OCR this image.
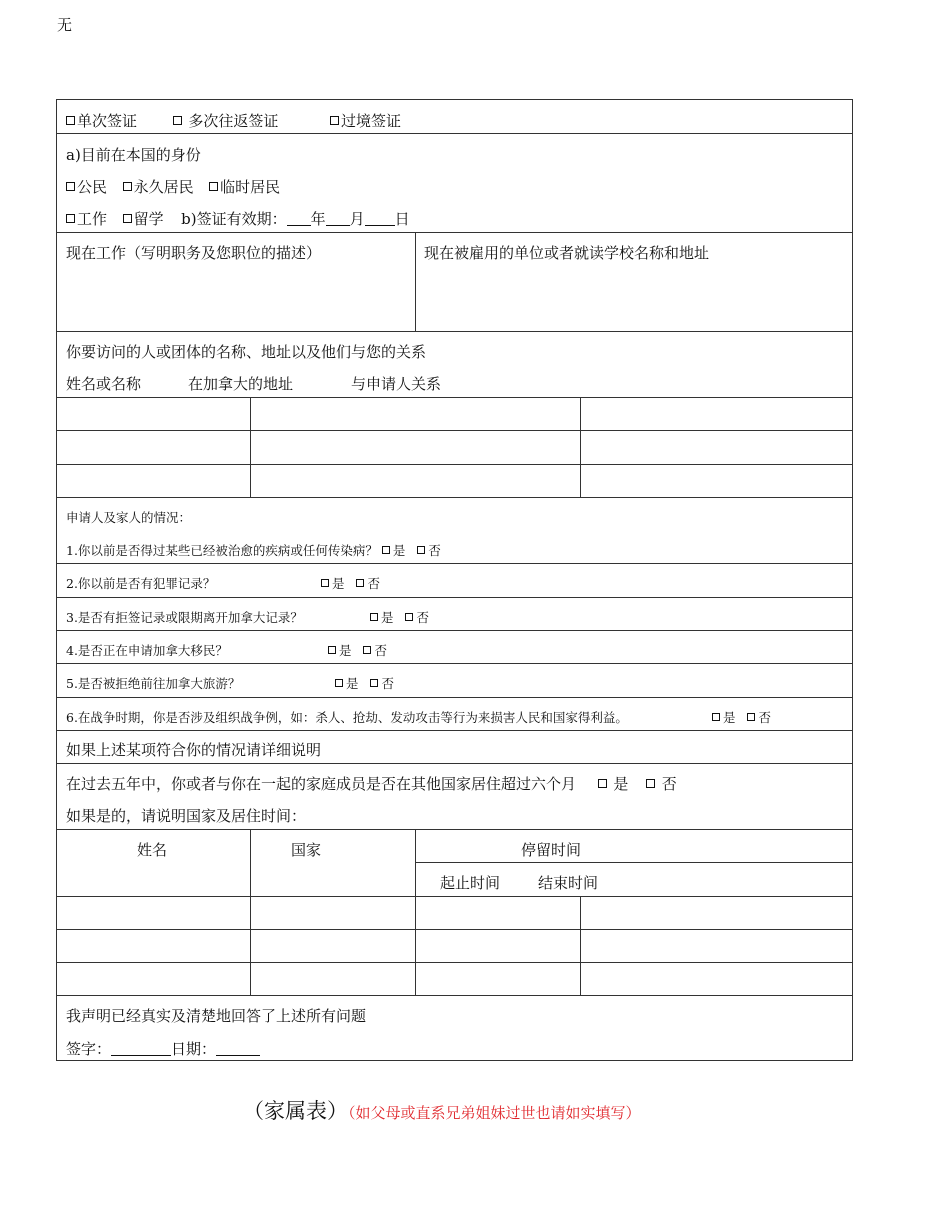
无
单次签证	多次往返签证	过境签证
a)目前在本国的身份
公民 永久居民 临时居民
工作 留学 b)签证有效期： 年 月 日
现在工作（写明职务及您职位的描述）	现在被雇用的单位或者就读学校名称和地址
你要访问的人或团体的名称、地址以及他们与您的关系
姓名或名称	在加拿大的地址	与申请人关系
申请人及家人的情况：
1.你以前是否得过某些已经被治愈的疾病或任何传染病？ 是 否
2.你以前是否有犯罪记录？	是 否
3.是否有拒签记录或限期离开加拿大记录？	是 否
4.是否正在申请加拿大移民？	是 否
5.是否被拒绝前往加拿大旅游？	是 否
6.在战争时期，你是否涉及组织战争例，如：杀人、抢劫、发动攻击等行为来损害人民和国家得利益。	是 否
如果上述某项符合你的情况请详细说明
在过去五年中，你或者与你在一起的家庭成员是否在其他国家居住超过六个月 是 否
如果是的，请说明国家及居住时间：
姓名	国家	停留时间
起止时间	结束时间
我声明已经真实及清楚地回答了上述所有问题
签字：	日期：
（家属表）（如父母或直系兄弟姐妹过世也请如实填写）
